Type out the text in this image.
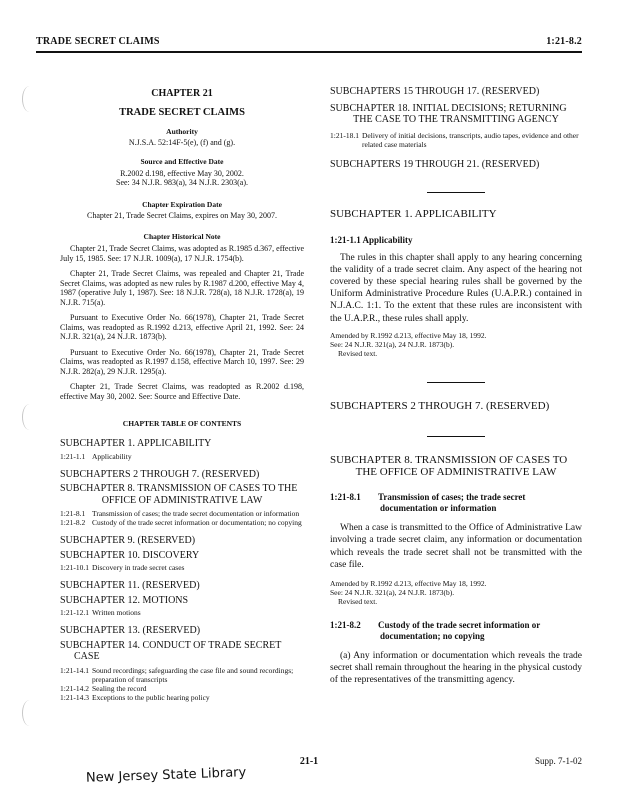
TRADE SECRET CLAIMS	1:21-8.2
CHAPTER 21
TRADE SECRET CLAIMS
Authority
N.J.S.A. 52:14F-5(e), (f) and (g).
Source and Effective Date
R.2002 d.198, effective May 30, 2002.
See: 34 N.J.R. 983(a), 34 N.J.R. 2303(a).
Chapter Expiration Date
Chapter 21, Trade Secret Claims, expires on May 30, 2007.
Chapter Historical Note

Chapter 21, Trade Secret Claims, was adopted as R.1985 d.367, effective July 15, 1985. See: 17 N.J.R. 1009(a), 17 N.J.R. 1754(b).

Chapter 21, Trade Secret Claims, was repealed and Chapter 21, Trade Secret Claims, was adopted as new rules by R.1987 d.200, effective May 4, 1987 (operative July 1, 1987). See: 18 N.J.R. 728(a), 18 N.J.R. 1728(a), 19 N.J.R. 715(a).

Pursuant to Executive Order No. 66(1978), Chapter 21, Trade Secret Claims, was readopted as R.1992 d.213, effective April 21, 1992. See: 24 N.J.R. 321(a), 24 N.J.R. 1873(b).

Pursuant to Executive Order No. 66(1978), Chapter 21, Trade Secret Claims, was readopted as R.1997 d.158, effective March 10, 1997. See: 29 N.J.R. 282(a), 29 N.J.R. 1295(a).

Chapter 21, Trade Secret Claims, was readopted as R.2002 d.198, effective May 30, 2002. See: Source and Effective Date.

CHAPTER TABLE OF CONTENTS
SUBCHAPTER 1. APPLICABILITY
1:21-1.1 Applicability
SUBCHAPTERS 2 THROUGH 7. (RESERVED)
SUBCHAPTER 8. TRANSMISSION OF CASES TO THE
OFFICE OF ADMINISTRATIVE LAW
1:21-8.1 Transmission of cases; the trade secret documentation or information
1:21-8.2 Custody of the trade secret information or documentation; no copying
SUBCHAPTER 9. (RESERVED)
SUBCHAPTER 10. DISCOVERY
1:21-10.1 Discovery in trade secret cases
SUBCHAPTER 11. (RESERVED)
SUBCHAPTER 12. MOTIONS
1:21-12.1 Written motions
SUBCHAPTER 13. (RESERVED)
SUBCHAPTER 14. CONDUCT OF TRADE SECRET
CASE
1:21-14.1 Sound recordings; safeguarding the case file and sound recordings; preparation of transcripts
1:21-14.2 Sealing the record
1:21-14.3 Exceptions to the public hearing policy
SUBCHAPTERS 15 THROUGH 17. (RESERVED)
SUBCHAPTER 18. INITIAL DECISIONS; RETURNING
THE CASE TO THE TRANSMITTING AGENCY
1:21-18.1 Delivery of initial decisions, transcripts, audio tapes, evidence and other related case materials
SUBCHAPTERS 19 THROUGH 21. (RESERVED)
SUBCHAPTER 1. APPLICABILITY
1:21-1.1 Applicability

The rules in this chapter shall apply to any hearing concerning the validity of a trade secret claim. Any aspect of the hearing not covered by these special hearing rules shall be governed by the Uniform Administrative Procedure Rules (U.A.P.R.) contained in N.J.A.C. 1:1. To the extent that these rules are inconsistent with the U.A.P.R., these rules shall apply.

Amended by R.1992 d.213, effective May 18, 1992.
See: 24 N.J.R. 321(a), 24 N.J.R. 1873(b).
Revised text.
SUBCHAPTERS 2 THROUGH 7. (RESERVED)
SUBCHAPTER 8. TRANSMISSION OF CASES TO
THE OFFICE OF ADMINISTRATIVE LAW
1:21-8.1	Transmission of cases; the trade secret
documentation or information

When a case is transmitted to the Office of Administrative Law involving a trade secret claim, any information or documentation which reveals the trade secret shall not be transmitted with the case file.

Amended by R.1992 d.213, effective May 18, 1992.
See: 24 N.J.R. 321(a), 24 N.J.R. 1873(b).
Revised text.
1:21-8.2	Custody of the trade secret information or
documentation; no copying

(a) Any information or documentation which reveals the trade secret shall remain throughout the hearing in the physical custody of the representatives of the transmitting agency.

21-1	Supp. 7-1-02
New Jersey State Library
